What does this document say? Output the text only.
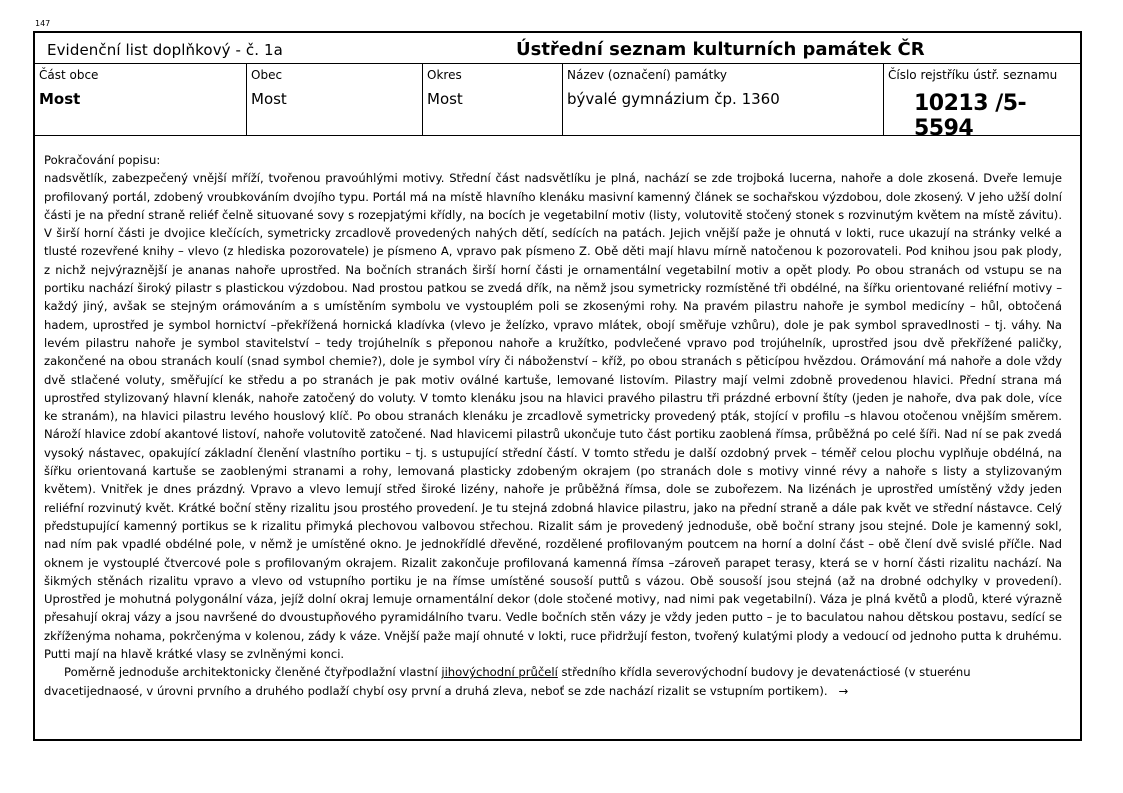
147
Evidenční list doplňkový - č. 1a	Ústřední seznam kulturních památek ČR
Část obce
Most
Obec
Most
Okres
Most
Název (označení) památky
bývalé gymnázium čp. 1360
Číslo rejstříku ústř. seznamu
10213 /5-5594

Pokračování popisu:

nadsvětlík, zabezpečený vnější mříží, tvořenou pravoúhlými motivy. Střední část nadsvětlíku je plná, nachází se zde trojboká lucerna, nahoře a dole zkosená. Dveře lemuje profilovaný portál, zdobený vroubkováním dvojího typu. Portál má na místě hlavního klenáku masivní kamenný článek se sochařskou výzdobou, dole zkosený. V jeho užší dolní části je na přední straně reliéf čelně situované sovy s rozepjatými křídly, na bocích je vegetabilní motiv (listy, volutovitě stočený stonek s rozvinutým květem na místě závitu). V širší horní části je dvojice klečících, symetricky zrcadlově provedených nahých dětí, sedících na patách. Jejich vnější paže je ohnutá v lokti, ruce ukazují na stránky velké a tlusté rozevřené knihy – vlevo (z hlediska pozorovatele) je písmeno A, vpravo pak písmeno Z. Obě děti mají hlavu mírně natočenou k pozorovateli. Pod knihou jsou pak plody, z nichž nejvýraznější je ananas nahoře uprostřed. Na bočních stranách širší horní části je ornamentální vegetabilní motiv a opět plody. Po obou stranách od vstupu se na portiku nachází široký pilastr s plastickou výzdobou. Nad prostou patkou se zvedá dřík, na němž jsou symetricky rozmístěné tři obdélné, na šířku orientované reliéfní motivy – každý jiný, avšak se stejným orámováním a s umístěním symbolu ve vystouplém poli se zkosenými rohy. Na pravém pilastru nahoře je symbol medicíny – hůl, obtočená hadem, uprostřed je symbol hornictví –překřížená hornická kladívka (vlevo je želízko, vpravo mlátek, obojí směřuje vzhůru), dole je pak symbol spravedlnosti – tj. váhy. Na levém pilastru nahoře je symbol stavitelství – tedy trojúhelník s přeponou nahoře a kružítko, podvlečené vpravo pod trojúhelník, uprostřed jsou dvě překřížené paličky, zakončené na obou stranách koulí (snad symbol chemie?), dole je symbol víry či náboženství – kříž, po obou stranách s pěticípou hvězdou. Orámování má nahoře a dole vždy dvě stlačené voluty, směřující ke středu a po stranách je pak motiv oválné kartuše, lemované listovím. Pilastry mají velmi zdobně provedenou hlavici. Přední strana má uprostřed stylizovaný hlavní klenák, nahoře zatočený do voluty. V tomto klenáku jsou na hlavici pravého pilastru tři prázdné erbovní štíty (jeden je nahoře, dva pak dole, více ke stranám), na hlavici pilastru levého houslový klíč. Po obou stranách klenáku je zrcadlově symetricky provedený pták, stojící v profilu –s hlavou otočenou vnějším směrem. Nároží hlavice zdobí akantové listoví, nahoře volutovitě zatočené. Nad hlavicemi pilastrů ukončuje tuto část portiku zaoblená římsa, průběžná po celé šíři. Nad ní se pak zvedá vysoký nástavec, opakující základní členění vlastního portiku – tj. s ustupující střední částí. V tomto středu je další ozdobný prvek – téměř celou plochu vyplňuje obdélná, na šířku orientovaná kartuše se zaoblenými stranami a rohy, lemovaná plasticky zdobeným okrajem (po stranách dole s motivy vinné révy a nahoře s listy a stylizovaným květem). Vnitřek je dnes prázdný. Vpravo a vlevo lemují střed široké lizény, nahoře je průběžná římsa, dole se zubořezem. Na lizénách je uprostřed umístěný vždy jeden reliéfní rozvinutý květ. Krátké boční stěny rizalitu jsou prostého provedení. Je tu stejná zdobná hlavice pilastru, jako na přední straně a dále pak květ ve střední nástavce. Celý předstupující kamenný portikus se k rizalitu přimyká plechovou valbovou střechou. Rizalit sám je provedený jednoduše, obě boční strany jsou stejné. Dole je kamenný sokl, nad ním pak vpadlé obdélné pole, v němž je umístěné okno. Je jednokřídlé dřevěné, rozdělené profilovaným poutcem na horní a dolní část – obě člení dvě svislé příčle. Nad oknem je vystouplé čtvercové pole s profilovaným okrajem. Rizalit zakončuje profilovaná kamenná římsa –zároveň parapet terasy, která se v horní části rizalitu nachází. Na šikmých stěnách rizalitu vpravo a vlevo od vstupního portiku je na římse umístěné sousoší puttů s vázou. Obě sousoší jsou stejná (až na drobné odchylky v provedení). Uprostřed je mohutná polygonální váza, jejíž dolní okraj lemuje ornamentální dekor (dole stočené motivy, nad nimi pak vegetabilní). Váza je plná květů a plodů, které výrazně přesahují okraj vázy a jsou navršené do dvoustupňového pyramidálního tvaru. Vedle bočních stěn vázy je vždy jeden putto – je to baculatou nahou dětskou postavu, sedící se zkříženýma nohama, pokrčenýma v kolenou, zády k váze. Vnější paže mají ohnuté v lokti, ruce přidržují feston, tvořený kulatými plody a vedoucí od jednoho putta k druhému. Putti mají na hlavě krátké vlasy se zvlněnými konci.

Poměrně jednoduše architektonicky členěné čtyřpodlažní vlastní jihovýchodní průčelí středního křídla severovýchodní budovy je devatenáctiosé (v stuerénu dvacetijednaosé, v úrovni prvního a druhého podlaží chybí osy první a druhá zleva, neboť se zde nachází rizalit se vstupním portikem). →
